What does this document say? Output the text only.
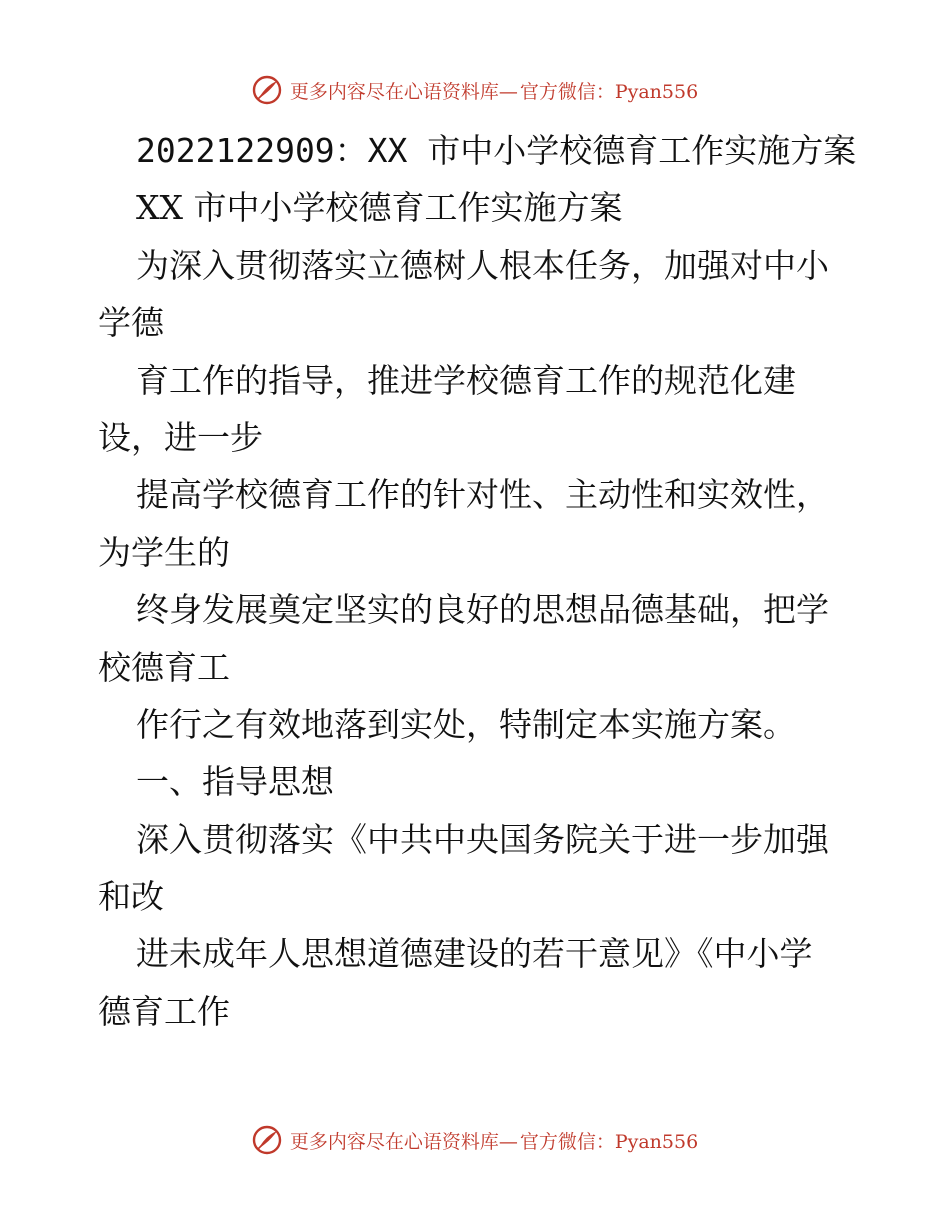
更多内容尽在心语资料库— 官方微信：Pyan556
2022122909：XX 市中小学校德育工作实施方案
XX 市中小学校德育工作实施方案
为深入贯彻落实立德树人根本任务，加强对中小
学德
育工作的指导，推进学校德育工作的规范化建
设，进一步
提高学校德育工作的针对性、主动性和实效性，
为学生的
终身发展奠定坚实的良好的思想品德基础，把学
校德育工
作行之有效地落到实处，特制定本实施方案。
一、指导思想
深入贯彻落实《中共中央国务院关于进一步加强
和改
进未成年人思想道德建设的若干意见》《中小学
德育工作
更多内容尽在心语资料库— 官方微信：Pyan556
